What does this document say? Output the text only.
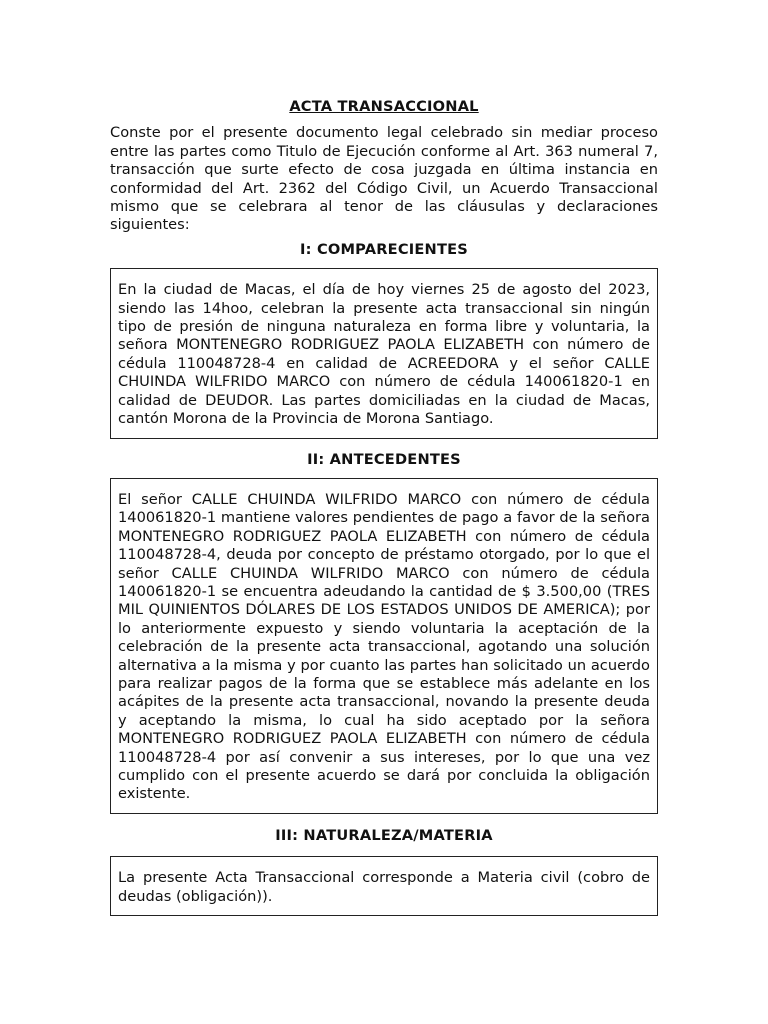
ACTA TRANSACCIONAL

Conste por el presente documento legal celebrado sin mediar proceso entre las partes como Titulo de Ejecución conforme al Art. 363 numeral 7, transacción que surte efecto de cosa juzgada en última instancia en conformidad del Art. 2362 del Código Civil, un Acuerdo Transaccional mismo que se celebrara al tenor de las cláusulas y declaraciones siguientes:

I: COMPARECIENTES

En la ciudad de Macas, el día de hoy viernes 25 de agosto del 2023, siendo las 14hoo, celebran la presente acta transaccional sin ningún tipo de presión de ninguna naturaleza en forma libre y voluntaria, la señora MONTENEGRO RODRIGUEZ PAOLA ELIZABETH con número de cédula 110048728-4 en calidad de ACREEDORA y el señor CALLE CHUINDA WILFRIDO MARCO con número de cédula 140061820-1 en calidad de DEUDOR. Las partes domiciliadas en la ciudad de Macas, cantón Morona de la Provincia de Morona Santiago.

II: ANTECEDENTES

El señor CALLE CHUINDA WILFRIDO MARCO con número de cédula 140061820-1 mantiene valores pendientes de pago a favor de la señora MONTENEGRO RODRIGUEZ PAOLA ELIZABETH con número de cédula 110048728-4, deuda por concepto de préstamo otorgado, por lo que el señor CALLE CHUINDA WILFRIDO MARCO con número de cédula 140061820-1 se encuentra adeudando la cantidad de $ 3.500,00 (TRES MIL QUINIENTOS DÓLARES DE LOS ESTADOS UNIDOS DE AMERICA); por lo anteriormente expuesto y siendo voluntaria la aceptación de la celebración de la presente acta transaccional, agotando una solución alternativa a la misma y por cuanto las partes han solicitado un acuerdo para realizar pagos de la forma que se establece más adelante en los acápites de la presente acta transaccional, novando la presente deuda y aceptando la misma, lo cual ha sido aceptado por la señora MONTENEGRO RODRIGUEZ PAOLA ELIZABETH con número de cédula 110048728-4 por así convenir a sus intereses, por lo que una vez cumplido con el presente acuerdo se dará por concluida la obligación existente.

III: NATURALEZA/MATERIA

La presente Acta Transaccional corresponde a Materia civil (cobro de deudas (obligación)).
